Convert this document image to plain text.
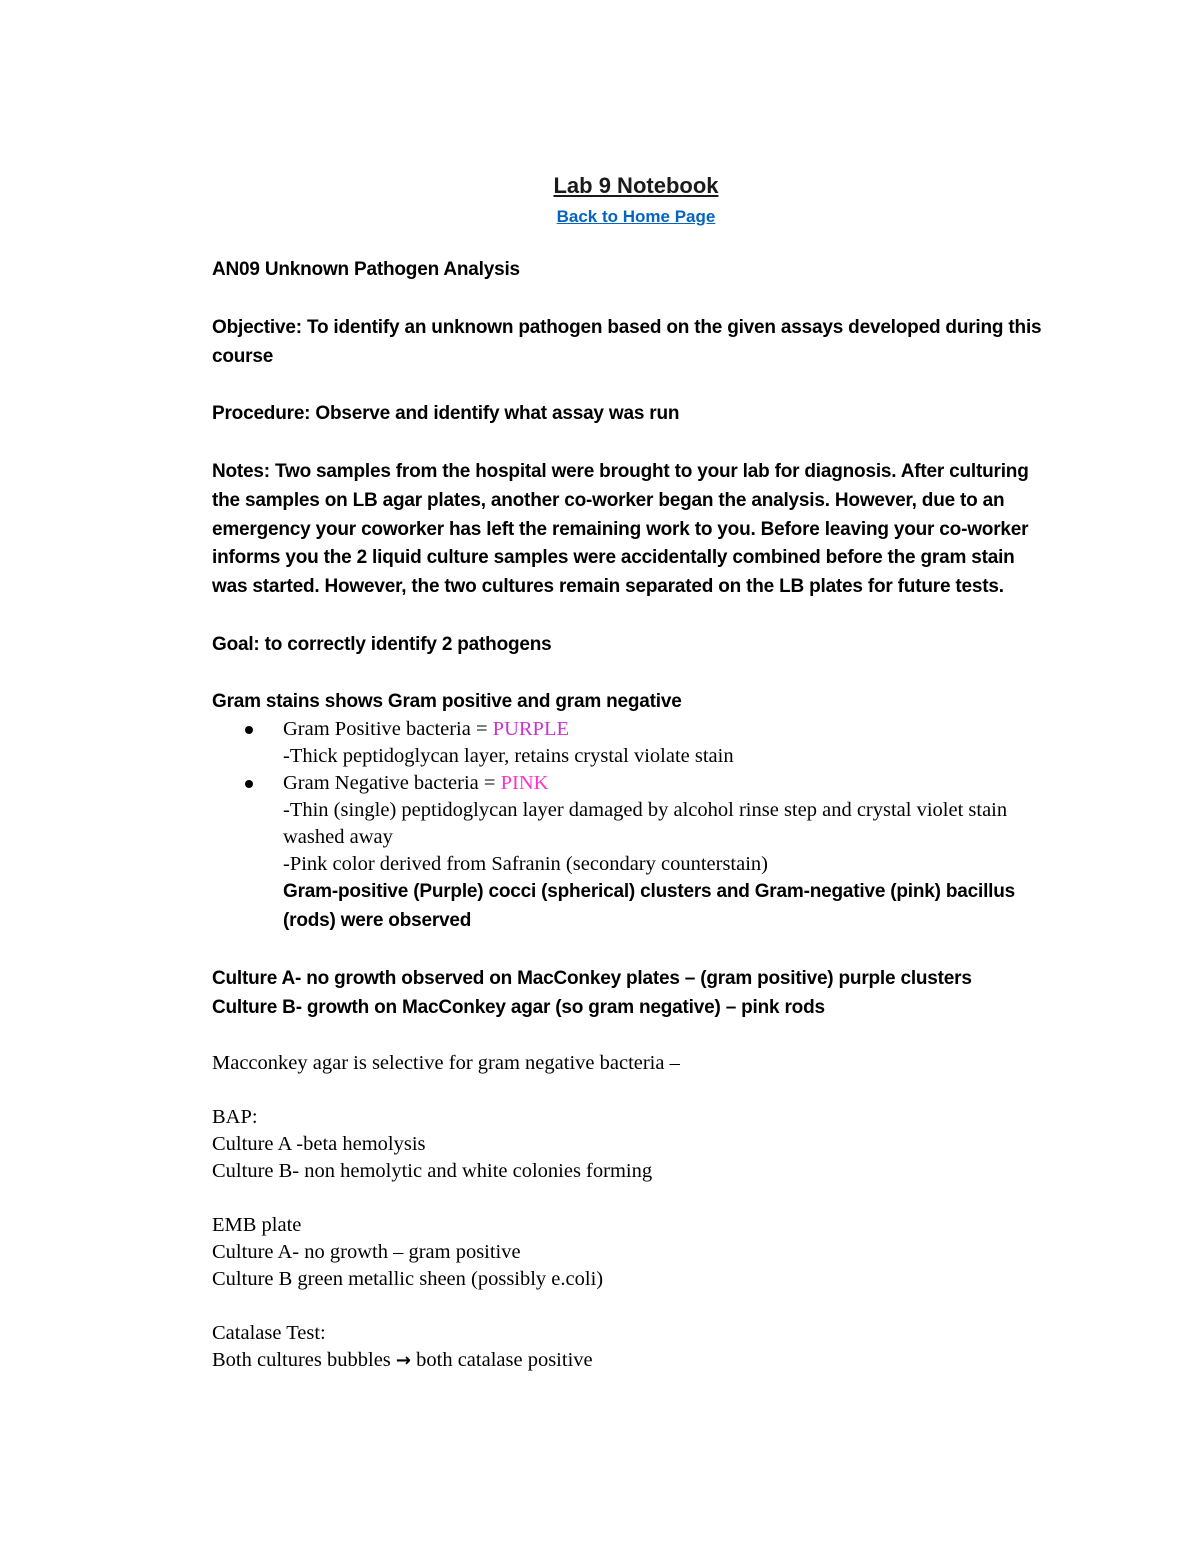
Lab 9 Notebook
Back to Home Page

AN09 Unknown Pathogen Analysis

Objective: To identify an unknown pathogen based on the given assays developed during this course

Procedure: Observe and identify what assay was run

Notes: Two samples from the hospital were brought to your lab for diagnosis. After culturing the samples on LB agar plates, another co-worker began the analysis. However, due to an emergency your coworker has left the remaining work to you. Before leaving your co-worker informs you the 2 liquid culture samples were accidentally combined before the gram stain was started. However, the two cultures remain separated on the LB plates for future tests.

Goal: to correctly identify 2 pathogens

Gram stains shows Gram positive and gram negative

Gram Positive bacteria = PURPLE
-Thick peptidoglycan layer, retains crystal violate stain
Gram Negative bacteria = PINK
-Thin (single) peptidoglycan layer damaged by alcohol rinse step and crystal violet stain washed away
-Pink color derived from Safranin (secondary counterstain)
Gram-positive (Purple) cocci (spherical) clusters and Gram-negative (pink) bacillus (rods) were observed

Culture A- no growth observed on MacConkey plates – (gram positive) purple clusters

Culture B- growth on MacConkey agar (so gram negative) – pink rods

Macconkey agar is selective for gram negative bacteria –

BAP:
Culture A -beta hemolysis
Culture B- non hemolytic and white colonies forming
EMB plate
Culture A- no growth – gram positive
Culture B green metallic sheen (possibly e.coli)
Catalase Test:
Both cultures bubbles → both catalase positive
